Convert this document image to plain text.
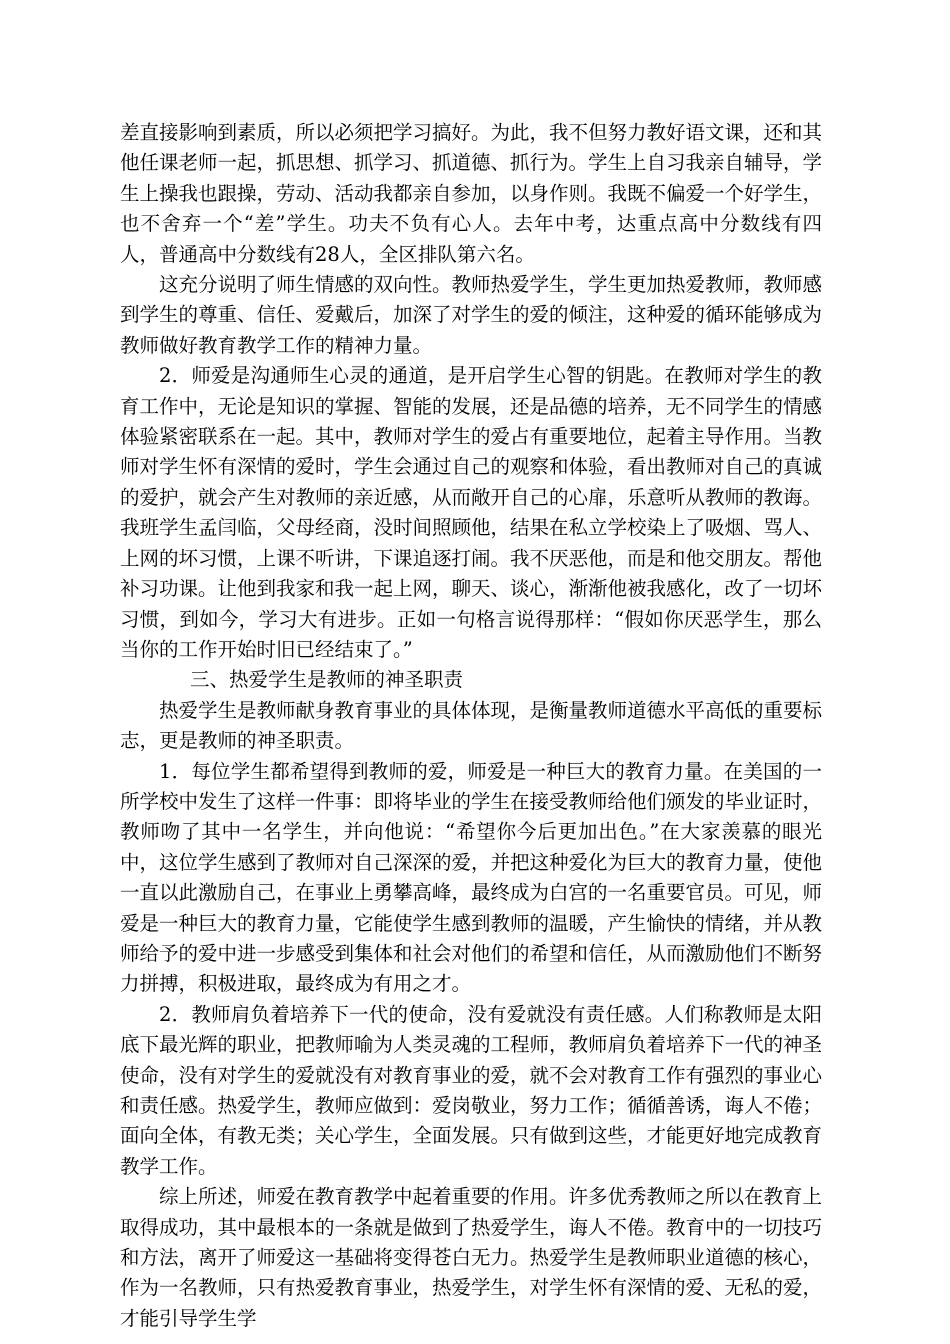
差直接影响到素质，所以必须把学习搞好。为此，我不但努力教好语文课，还和其他任课老师一起，抓思想、抓学习、抓道德、抓行为。学生上自习我亲自辅导，学生上操我也跟操，劳动、活动我都亲自参加，以身作则。我既不偏爱一个好学生，也不舍弃一个“差”学生。功夫不负有心人。去年中考，达重点高中分数线有四人，普通高中分数线有28人，全区排队第六名。

这充分说明了师生情感的双向性。教师热爱学生，学生更加热爱教师，教师感到学生的尊重、信任、爱戴后，加深了对学生的爱的倾注，这种爱的循环能够成为教师做好教育教学工作的精神力量。

2．师爱是沟通师生心灵的通道，是开启学生心智的钥匙。在教师对学生的教育工作中，无论是知识的掌握、智能的发展，还是品德的培养，无不同学生的情感体验紧密联系在一起。其中，教师对学生的爱占有重要地位，起着主导作用。当教师对学生怀有深情的爱时，学生会通过自己的观察和体验，看出教师对自己的真诚的爱护，就会产生对教师的亲近感，从而敞开自己的心扉，乐意听从教师的教诲。我班学生孟闫临，父母经商，没时间照顾他，结果在私立学校染上了吸烟、骂人、上网的坏习惯，上课不听讲，下课追逐打闹。我不厌恶他，而是和他交朋友。帮他补习功课。让他到我家和我一起上网，聊天、谈心，渐渐他被我感化，改了一切坏习惯，到如今，学习大有进步。正如一句格言说得那样：“假如你厌恶学生，那么当你的工作开始时旧已经结束了。”

三、热爱学生是教师的神圣职责

热爱学生是教师献身教育事业的具体体现，是衡量教师道德水平高低的重要标志，更是教师的神圣职责。

1．每位学生都希望得到教师的爱，师爱是一种巨大的教育力量。在美国的一所学校中发生了这样一件事：即将毕业的学生在接受教师给他们颁发的毕业证时，教师吻了其中一名学生，并向他说：“希望你今后更加出色。”在大家羡慕的眼光中，这位学生感到了教师对自己深深的爱，并把这种爱化为巨大的教育力量，使他一直以此激励自己，在事业上勇攀高峰，最终成为白宫的一名重要官员。可见，师爱是一种巨大的教育力量，它能使学生感到教师的温暖，产生愉快的情绪，并从教师给予的爱中进一步感受到集体和社会对他们的希望和信任，从而激励他们不断努力拼搏，积极进取，最终成为有用之才。

2．教师肩负着培养下一代的使命，没有爱就没有责任感。人们称教师是太阳底下最光辉的职业，把教师喻为人类灵魂的工程师，教师肩负着培养下一代的神圣使命，没有对学生的爱就没有对教育事业的爱，就不会对教育工作有强烈的事业心和责任感。热爱学生，教师应做到：爱岗敬业，努力工作；循循善诱，诲人不倦；面向全体，有教无类；关心学生，全面发展。只有做到这些，才能更好地完成教育教学工作。

综上所述，师爱在教育教学中起着重要的作用。许多优秀教师之所以在教育上取得成功，其中最根本的一条就是做到了热爱学生，诲人不倦。教育中的一切技巧和方法，离开了师爱这一基础将变得苍白无力。热爱学生是教师职业道德的核心，作为一名教师，只有热爱教育事业，热爱学生，对学生怀有深情的爱、无私的爱，才能引导学生学
